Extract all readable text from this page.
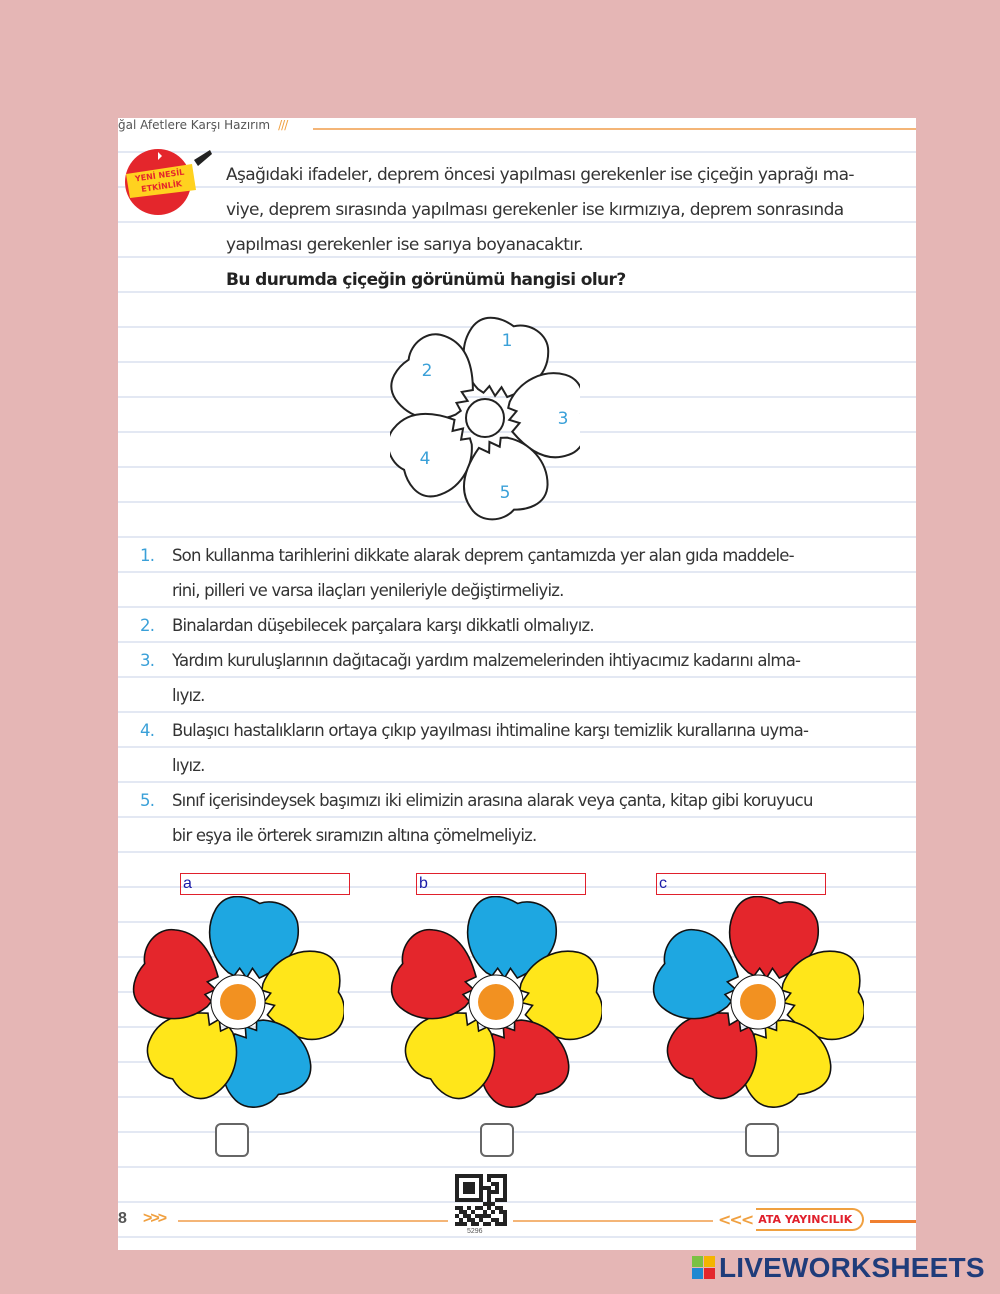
ğal Afetlere Karşı Hazırım ///
YENİ NESİL
ETKİNLİK
Aşağıdaki ifadeler, deprem öncesi yapılması gerekenler ise çiçeğin yaprağı ma-
viye, deprem sırasında yapılması gerekenler ise kırmızıya, deprem sonrasında
yapılması gerekenler ise sarıya boyanacaktır.
Bu durumda çiçeğin görünümü hangisi olur?
1
2
3
4
5
1.	Son kullanma tarihlerini dikkate alarak deprem çantamızda yer alan gıda maddele-
rini, pilleri ve varsa ilaçları yenileriyle değiştirmeliyiz.
2.	Binalardan düşebilecek parçalara karşı dikkatli olmalıyız.
3.	Yardım kuruluşlarının dağıtacağı yardım malzemelerinden ihtiyacımız kadarını alma-
lıyız.
4.	Bulaşıcı hastalıkların ortaya çıkıp yayılması ihtimaline karşı temizlik kurallarına uyma-
lıyız.
5.	Sınıf içerisindeysek başımızı iki elimizin arasına alarak veya çanta, kitap gibi koruyucu
bir eşya ile örterek sıramızın altına çömelmeliyiz.
a	b	c
8 >>>
5296
<<< ATA YAYINCILIK
LIVEWORKSHEETS
